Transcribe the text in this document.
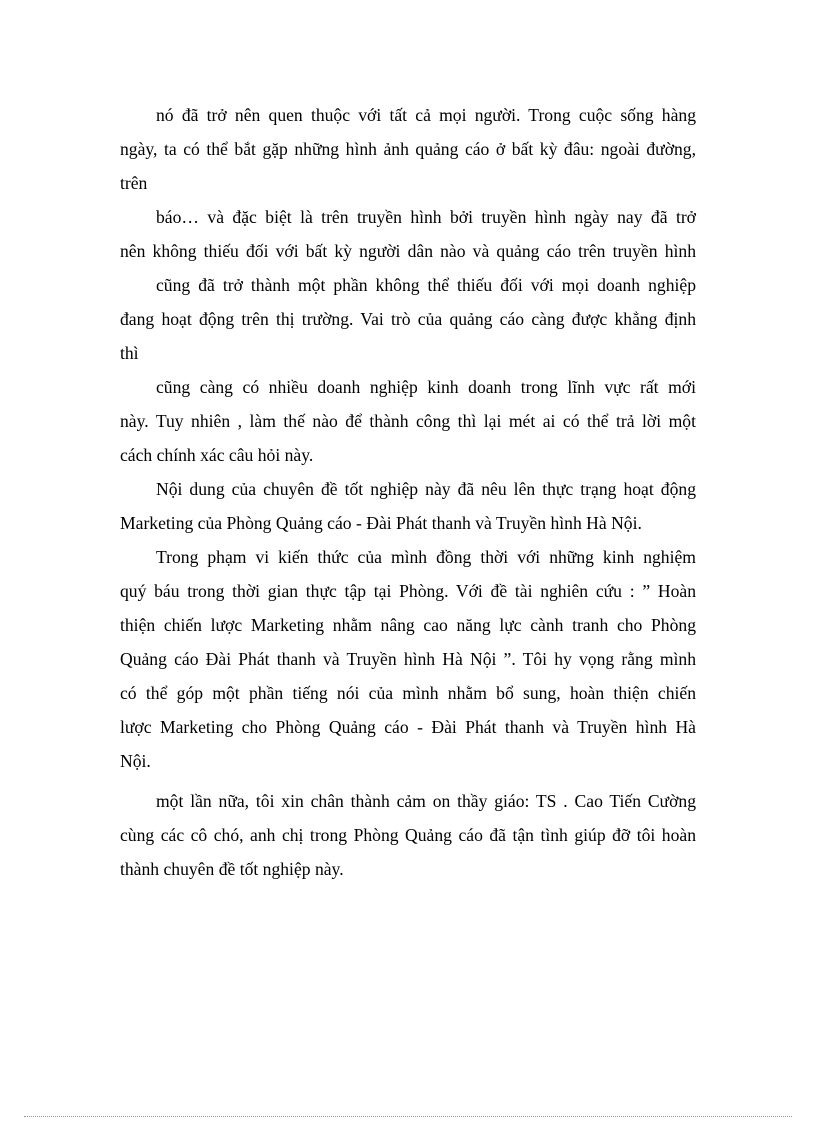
nó đã trở nên quen thuộc với tất cả mọi người. Trong cuộc sống hàng
ngày, ta có thể bắt gặp những hình ảnh quảng cáo ở bất kỳ đâu: ngoài đường,
trên
báo… và đặc biệt là trên truyền hình bởi truyền hình ngày nay đã trở
nên không thiếu đối với bất kỳ người dân nào và quảng cáo trên truyền hình
cũng đã trở thành một phần không thể thiếu đối với mọi doanh nghiệp
đang hoạt động trên thị trường. Vai trò của quảng cáo càng được khẳng định
thì
cũng càng có nhiều doanh nghiệp kinh doanh trong lĩnh vực rất mới
này. Tuy nhiên , làm thế nào để thành công thì lại mét ai có thể trả lời một
cách chính xác câu hỏi này.
Nội dung của chuyên đề tốt nghiệp này đã nêu lên thực trạng hoạt động
Marketing của Phòng Quảng cáo - Đài Phát thanh và Truyền hình Hà Nội.
Trong phạm vi kiến thức của mình đồng thời với những kinh nghiệm
quý báu trong thời gian thực tập tại Phòng. Với đề tài nghiên cứu : ” Hoàn
thiện chiến lược Marketing nhằm nâng cao năng lực cành tranh cho Phòng
Quảng cáo Đài Phát thanh và Truyền hình Hà Nội ”. Tôi hy vọng rằng mình
có thể góp một phần tiếng nói của mình nhằm bổ sung, hoàn thiện chiến
lược Marketing cho Phòng Quảng cáo - Đài Phát thanh và Truyền hình Hà
Nội.
một lần nữa, tôi xin chân thành cảm on thầy giáo: TS . Cao Tiến Cường
cùng các cô chó, anh chị trong Phòng Quảng cáo đã tận tình giúp đỡ tôi hoàn
thành chuyên đề tốt nghiệp này.
